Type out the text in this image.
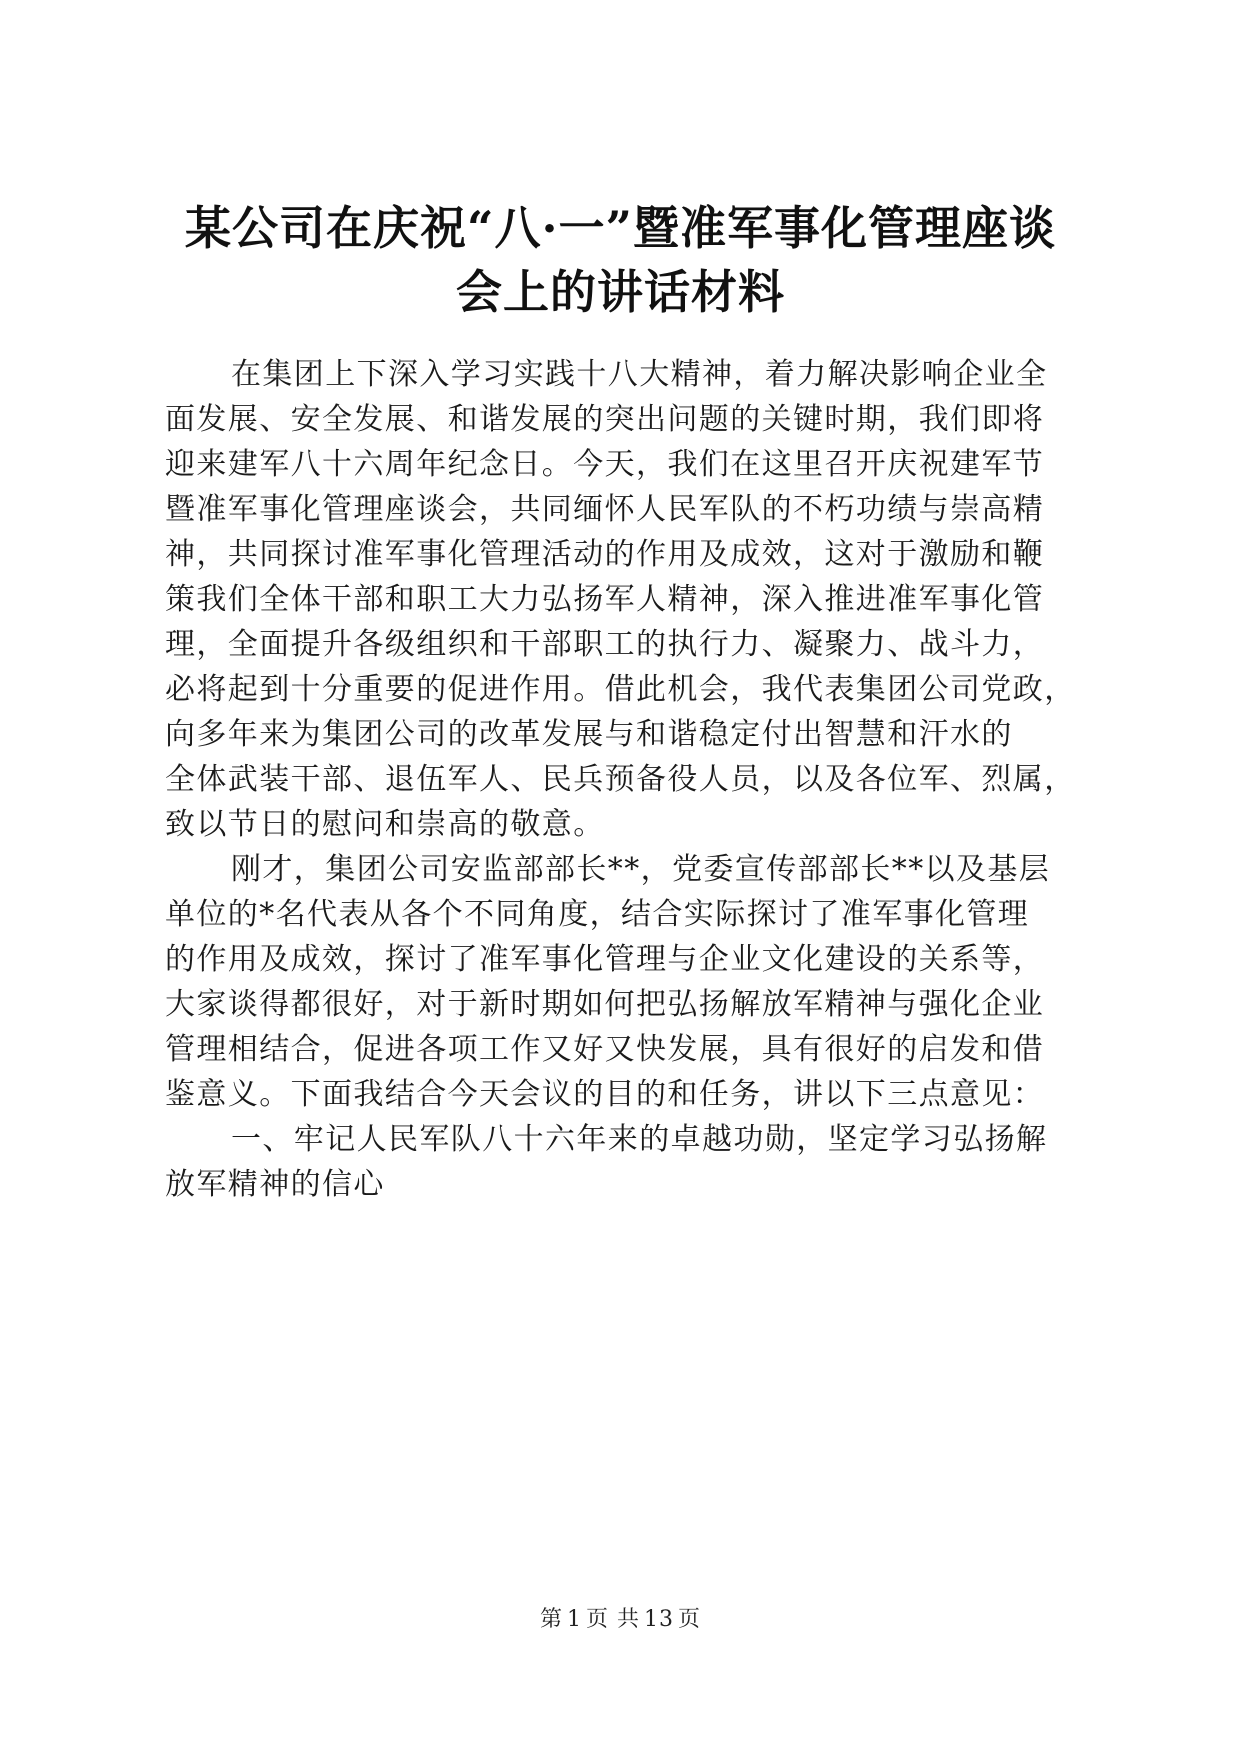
某公司在庆祝“八·一”暨准军事化管理座谈
会上的讲话材料
在集团上下深入学习实践十八大精神，着力解决影响企业全
面发展、安全发展、和谐发展的突出问题的关键时期，我们即将
迎来建军八十六周年纪念日。今天，我们在这里召开庆祝建军节
暨准军事化管理座谈会，共同缅怀人民军队的不朽功绩与崇高精
神，共同探讨准军事化管理活动的作用及成效，这对于激励和鞭
策我们全体干部和职工大力弘扬军人精神，深入推进准军事化管
理，全面提升各级组织和干部职工的执行力、凝聚力、战斗力，
必将起到十分重要的促进作用。借此机会，我代表集团公司党政，
向多年来为集团公司的改革发展与和谐稳定付出智慧和汗水的
全体武装干部、退伍军人、民兵预备役人员，以及各位军、烈属，
致以节日的慰问和崇高的敬意。
刚才，集团公司安监部部长**，党委宣传部部长**以及基层
单位的*名代表从各个不同角度，结合实际探讨了准军事化管理
的作用及成效，探讨了准军事化管理与企业文化建设的关系等，
大家谈得都很好，对于新时期如何把弘扬解放军精神与强化企业
管理相结合，促进各项工作又好又快发展，具有很好的启发和借
鉴意义。下面我结合今天会议的目的和任务，讲以下三点意见：
一、牢记人民军队八十六年来的卓越功勋，坚定学习弘扬解
放军精神的信心
第 1 页 共 13 页
